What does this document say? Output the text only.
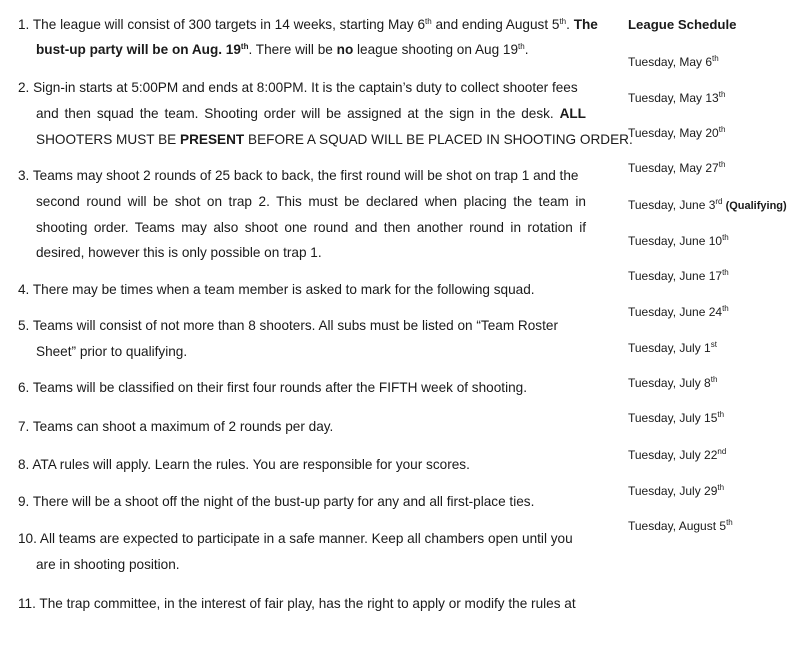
1. The league will consist of 300 targets in 14 weeks, starting May 6th and ending August 5th. The
bust-up party will be on Aug. 19th. There will be no league shooting on Aug 19th.
2. Sign-in starts at 5:00PM and ends at 8:00PM. It is the captain’s duty to collect shooter fees
and then squad the team. Shooting order will be assigned at the sign in the desk. ALL
SHOOTERS MUST BE PRESENT BEFORE A SQUAD WILL BE PLACED IN SHOOTING ORDER.
3. Teams may shoot 2 rounds of 25 back to back, the first round will be shot on trap 1 and the
second round will be shot on trap 2. This must be declared when placing the team in
shooting order. Teams may also shoot one round and then another round in rotation if
desired, however this is only possible on trap 1.
4. There may be times when a team member is asked to mark for the following squad.
5. Teams will consist of not more than 8 shooters. All subs must be listed on “Team Roster
Sheet” prior to qualifying.
6. Teams will be classified on their first four rounds after the FIFTH week of shooting.
7. Teams can shoot a maximum of 2 rounds per day.
8. ATA rules will apply. Learn the rules. You are responsible for your scores.
9. There will be a shoot off the night of the bust-up party for any and all first-place ties.
10. All teams are expected to participate in a safe manner. Keep all chambers open until you
are in shooting position.
11. The trap committee, in the interest of fair play, has the right to apply or modify the rules at
League Schedule
Tuesday, May 6th
Tuesday, May 13th
Tuesday, May 20th
Tuesday, May 27th
Tuesday, June 3rd (Qualifying)
Tuesday, June 10th
Tuesday, June 17th
Tuesday, June 24th
Tuesday, July 1st
Tuesday, July 8th
Tuesday, July 15th
Tuesday, July 22nd
Tuesday, July 29th
Tuesday, August 5th
